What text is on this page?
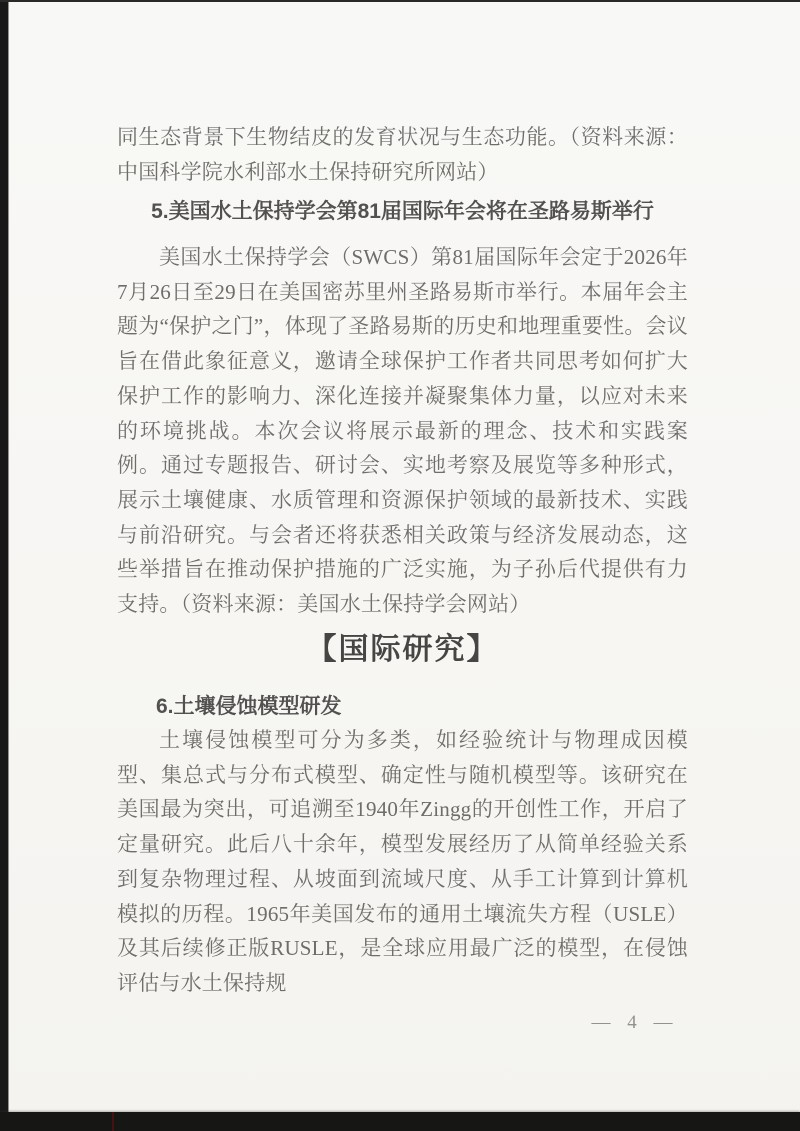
同生态背景下生物结皮的发育状况与生态功能。（资料来源：中国科学院水利部水土保持研究所网站）

5.美国水土保持学会第81届国际年会将在圣路易斯举行

美国水土保持学会（SWCS）第81届国际年会定于2026年7月26日至29日在美国密苏里州圣路易斯市举行。本届年会主题为“保护之门”，体现了圣路易斯的历史和地理重要性。会议旨在借此象征意义，邀请全球保护工作者共同思考如何扩大保护工作的影响力、深化连接并凝聚集体力量，以应对未来的环境挑战。本次会议将展示最新的理念、技术和实践案例。通过专题报告、研讨会、实地考察及展览等多种形式，展示土壤健康、水质管理和资源保护领域的最新技术、实践与前沿研究。与会者还将获悉相关政策与经济发展动态，这些举措旨在推动保护措施的广泛实施，为子孙后代提供有力支持。（资料来源：美国水土保持学会网站）

【国际研究】
6.土壤侵蚀模型研发

土壤侵蚀模型可分为多类，如经验统计与物理成因模型、集总式与分布式模型、确定性与随机模型等。该研究在美国最为突出，可追溯至1940年Zingg的开创性工作，开启了定量研究。此后八十余年，模型发展经历了从简单经验关系到复杂物理过程、从坡面到流域尺度、从手工计算到计算机模拟的历程。1965年美国发布的通用土壤流失方程（USLE）及其后续修正版RUSLE，是全球应用最广泛的模型，在侵蚀评估与水土保持规

— 4 —
